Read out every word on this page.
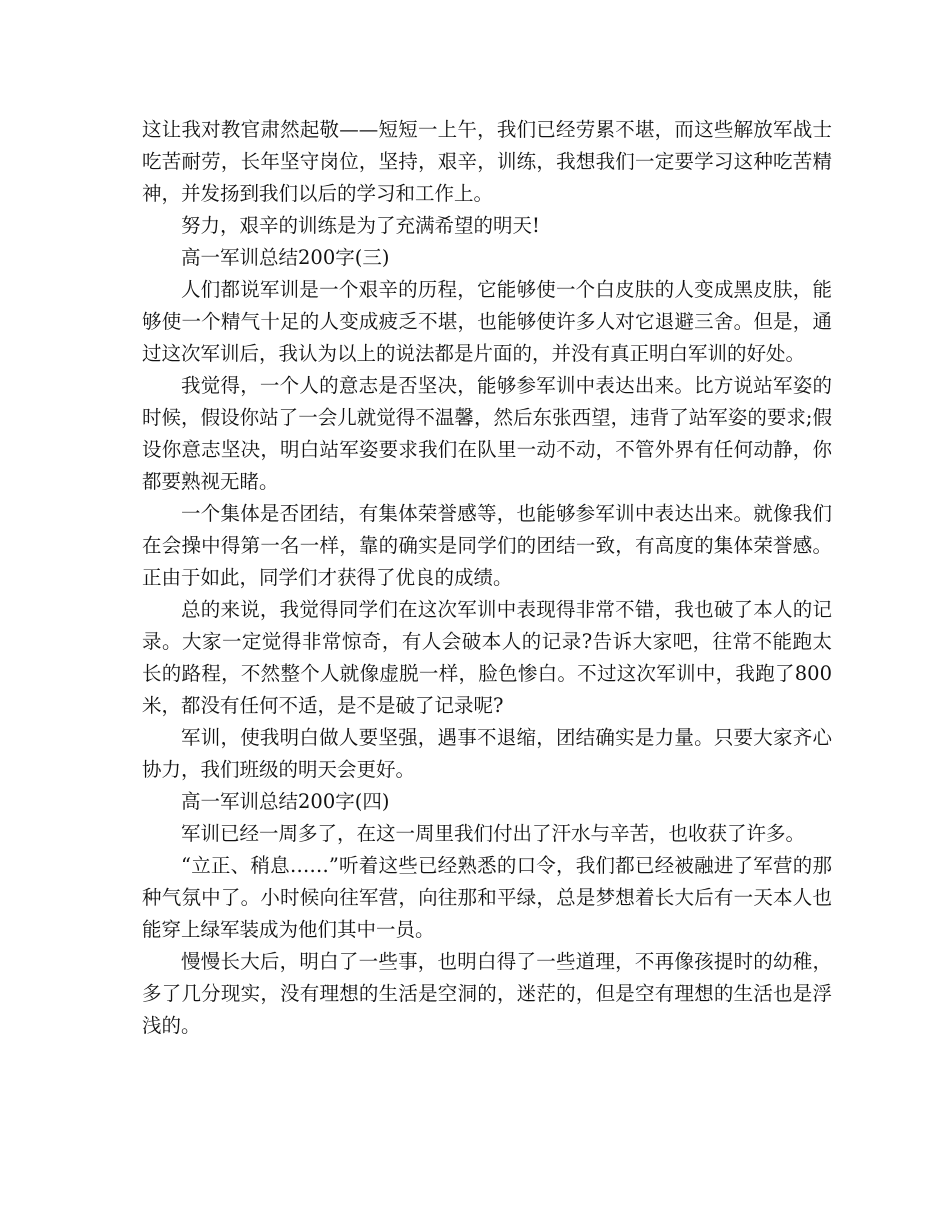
这让我对教官肃然起敬——短短一上午，我们已经劳累不堪，而这些解放军战士吃苦耐劳，长年坚守岗位，坚持，艰辛，训练，我想我们一定要学习这种吃苦精神，并发扬到我们以后的学习和工作上。

努力，艰辛的训练是为了充满希望的明天!

高一军训总结200字(三)

人们都说军训是一个艰辛的历程，它能够使一个白皮肤的人变成黑皮肤，能够使一个精气十足的人变成疲乏不堪，也能够使许多人对它退避三舍。但是，通过这次军训后，我认为以上的说法都是片面的，并没有真正明白军训的好处。

我觉得，一个人的意志是否坚决，能够参军训中表达出来。比方说站军姿的时候，假设你站了一会儿就觉得不温馨，然后东张西望，违背了站军姿的要求;假设你意志坚决，明白站军姿要求我们在队里一动不动，不管外界有任何动静，你都要熟视无睹。

一个集体是否团结，有集体荣誉感等，也能够参军训中表达出来。就像我们在会操中得第一名一样，靠的确实是同学们的团结一致，有高度的集体荣誉感。正由于如此，同学们才获得了优良的成绩。

总的来说，我觉得同学们在这次军训中表现得非常不错，我也破了本人的记录。大家一定觉得非常惊奇，有人会破本人的记录?告诉大家吧，往常不能跑太长的路程，不然整个人就像虚脱一样，脸色惨白。不过这次军训中，我跑了800米，都没有任何不适，是不是破了记录呢?

军训，使我明白做人要坚强，遇事不退缩，团结确实是力量。只要大家齐心协力，我们班级的明天会更好。

高一军训总结200字(四)

军训已经一周多了，在这一周里我们付出了汗水与辛苦，也收获了许多。

“立正、稍息……”听着这些已经熟悉的口令，我们都已经被融进了军营的那种气氛中了。小时候向往军营，向往那和平绿，总是梦想着长大后有一天本人也能穿上绿军装成为他们其中一员。

慢慢长大后，明白了一些事，也明白得了一些道理，不再像孩提时的幼稚，多了几分现实，没有理想的生活是空洞的，迷茫的，但是空有理想的生活也是浮浅的。
